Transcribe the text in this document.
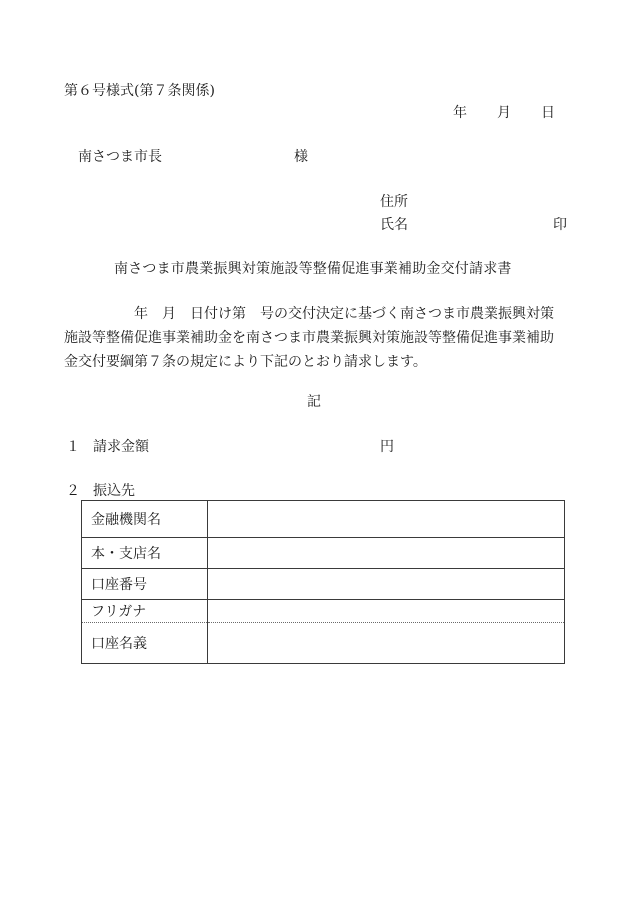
第６号様式(第７条関係)
年 月 日
南さつま市長	様
住所
氏名	印
南さつま市農業振興対策施設等整備促進事業補助金交付請求書
年　月　日付け第　号の交付決定に基づく南さつま市農業振興対策
施設等整備促進事業補助金を南さつま市農業振興対策施設等整備促進事業補助
金交付要綱第７条の規定により下記のとおり請求します。
記
１ 請求金額	円
２ 振込先
金融機関名	
本・支店名	
口座番号	
フリガナ	
口座名義	
